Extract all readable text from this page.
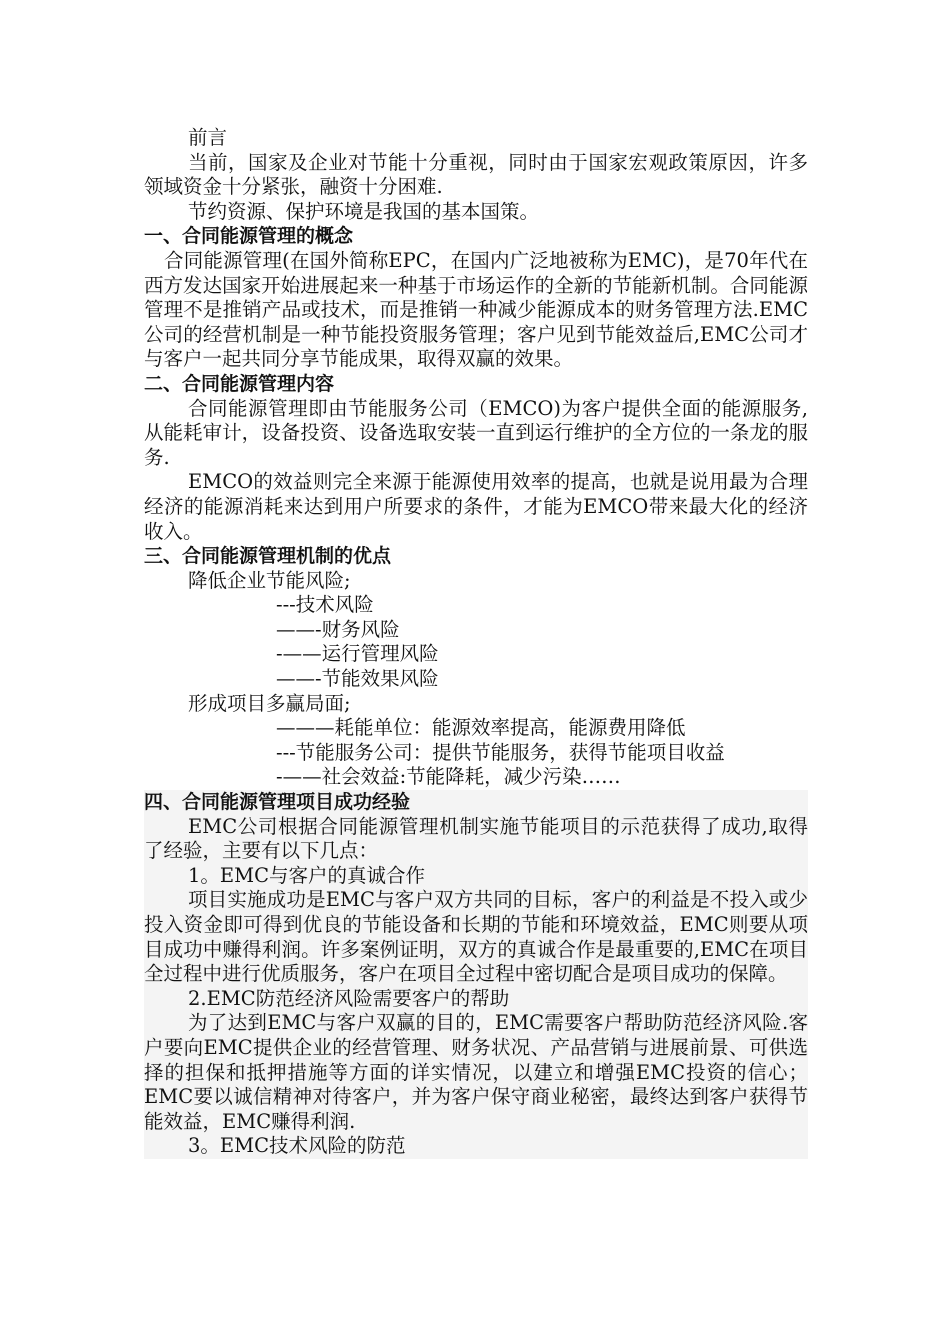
前言

当前，国家及企业对节能十分重视，同时由于国家宏观政策原因，许多领域资金十分紧张，融资十分困难.

节约资源、保护环境是我国的基本国策。

一、合同能源管理的概念

合同能源管理(在国外简称EPC，在国内广泛地被称为EMC)，是70年代在西方发达国家开始进展起来一种基于市场运作的全新的节能新机制。合同能源管理不是推销产品或技术，而是推销一种减少能源成本的财务管理方法.EMC公司的经营机制是一种节能投资服务管理；客户见到节能效益后,EMC公司才与客户一起共同分享节能成果，取得双赢的效果。

二、合同能源管理内容

合同能源管理即由节能服务公司（EMCO)为客户提供全面的能源服务,从能耗审计，设备投资、设备选取安装一直到运行维护的全方位的一条龙的服务.

EMCO的效益则完全来源于能源使用效率的提高，也就是说用最为合理经济的能源消耗来达到用户所要求的条件，才能为EMCO带来最大化的经济收入。

三、合同能源管理机制的优点

降低企业节能风险;

---技术风险

——-财务风险

-——运行管理风险

——-节能效果风险

形成项目多赢局面;

———耗能单位：能源效率提高，能源费用降低

---节能服务公司：提供节能服务，获得节能项目收益

-——社会效益:节能降耗，减少污染……

四、合同能源管理项目成功经验

EMC公司根据合同能源管理机制实施节能项目的示范获得了成功,取得了经验，主要有以下几点：

1。EMC与客户的真诚合作

项目实施成功是EMC与客户双方共同的目标，客户的利益是不投入或少投入资金即可得到优良的节能设备和长期的节能和环境效益，EMC则要从项目成功中赚得利润。许多案例证明，双方的真诚合作是最重要的,EMC在项目全过程中进行优质服务，客户在项目全过程中密切配合是项目成功的保障。

2.EMC防范经济风险需要客户的帮助

为了达到EMC与客户双赢的目的，EMC需要客户帮助防范经济风险.客户要向EMC提供企业的经营管理、财务状况、产品营销与进展前景、可供选择的担保和抵押措施等方面的详实情况，以建立和增强EMC投资的信心；EMC要以诚信精神对待客户，并为客户保守商业秘密，最终达到客户获得节能效益，EMC赚得利润.

3。EMC技术风险的防范
